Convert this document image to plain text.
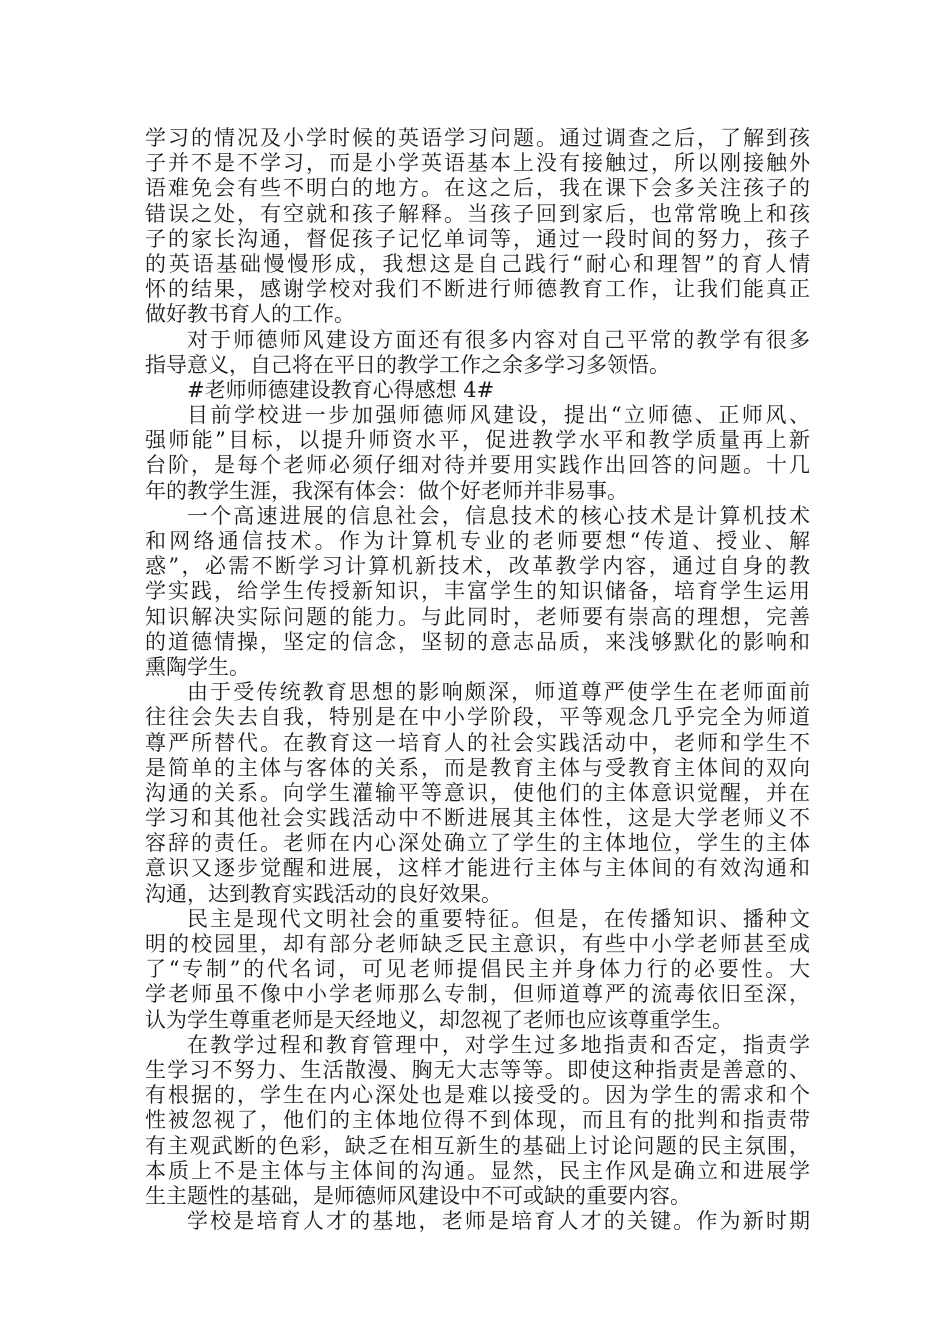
学习的情况及小学时候的英语学习问题。通过调查之后，了解到孩
子并不是不学习，而是小学英语基本上没有接触过，所以刚接触外
语难免会有些不明白的地方。在这之后，我在课下会多关注孩子的
错误之处，有空就和孩子解释。当孩子回到家后，也常常晚上和孩
子的家长沟通，督促孩子记忆单词等，通过一段时间的努力，孩子
的英语基础慢慢形成，我想这是自己践行“耐心和理智”的育人情
怀的结果，感谢学校对我们不断进行师德教育工作，让我们能真正
做好教书育人的工作。
对于师德师风建设方面还有很多内容对自己平常的教学有很多
指导意义，自己将在平日的教学工作之余多学习多领悟。
#老师师德建设教育心得感想 4#
目前学校进一步加强师德师风建设，提出“立师德、正师风、
强师能”目标，以提升师资水平，促进教学水平和教学质量再上新
台阶，是每个老师必须仔细对待并要用实践作出回答的问题。十几
年的教学生涯，我深有体会：做个好老师并非易事。
一个高速进展的信息社会，信息技术的核心技术是计算机技术
和网络通信技术。作为计算机专业的老师要想“传道、授业、解
惑”，必需不断学习计算机新技术，改革教学内容，通过自身的教
学实践，给学生传授新知识，丰富学生的知识储备，培育学生运用
知识解决实际问题的能力。与此同时，老师要有崇高的理想，完善
的道德情操，坚定的信念，坚韧的意志品质，来浅够默化的影响和
熏陶学生。
由于受传统教育思想的影响颇深，师道尊严使学生在老师面前
往往会失去自我，特别是在中小学阶段，平等观念几乎完全为师道
尊严所替代。在教育这一培育人的社会实践活动中，老师和学生不
是简单的主体与客体的关系，而是教育主体与受教育主体间的双向
沟通的关系。向学生灌输平等意识，使他们的主体意识觉醒，并在
学习和其他社会实践活动中不断进展其主体性，这是大学老师义不
容辞的责任。老师在内心深处确立了学生的主体地位，学生的主体
意识又逐步觉醒和进展，这样才能进行主体与主体间的有效沟通和
沟通，达到教育实践活动的良好效果。
民主是现代文明社会的重要特征。但是，在传播知识、播种文
明的校园里，却有部分老师缺乏民主意识，有些中小学老师甚至成
了“专制”的代名词，可见老师提倡民主并身体力行的必要性。大
学老师虽不像中小学老师那么专制，但师道尊严的流毒依旧至深，
认为学生尊重老师是天经地义，却忽视了老师也应该尊重学生。
在教学过程和教育管理中，对学生过多地指责和否定，指责学
生学习不努力、生活散漫、胸无大志等等。即使这种指责是善意的、
有根据的，学生在内心深处也是难以接受的。因为学生的需求和个
性被忽视了，他们的主体地位得不到体现，而且有的批判和指责带
有主观武断的色彩，缺乏在相互新生的基础上讨论问题的民主氛围，
本质上不是主体与主体间的沟通。显然，民主作风是确立和进展学
生主题性的基础，是师德师风建设中不可或缺的重要内容。
学校是培育人才的基地，老师是培育人才的关键。作为新时期
